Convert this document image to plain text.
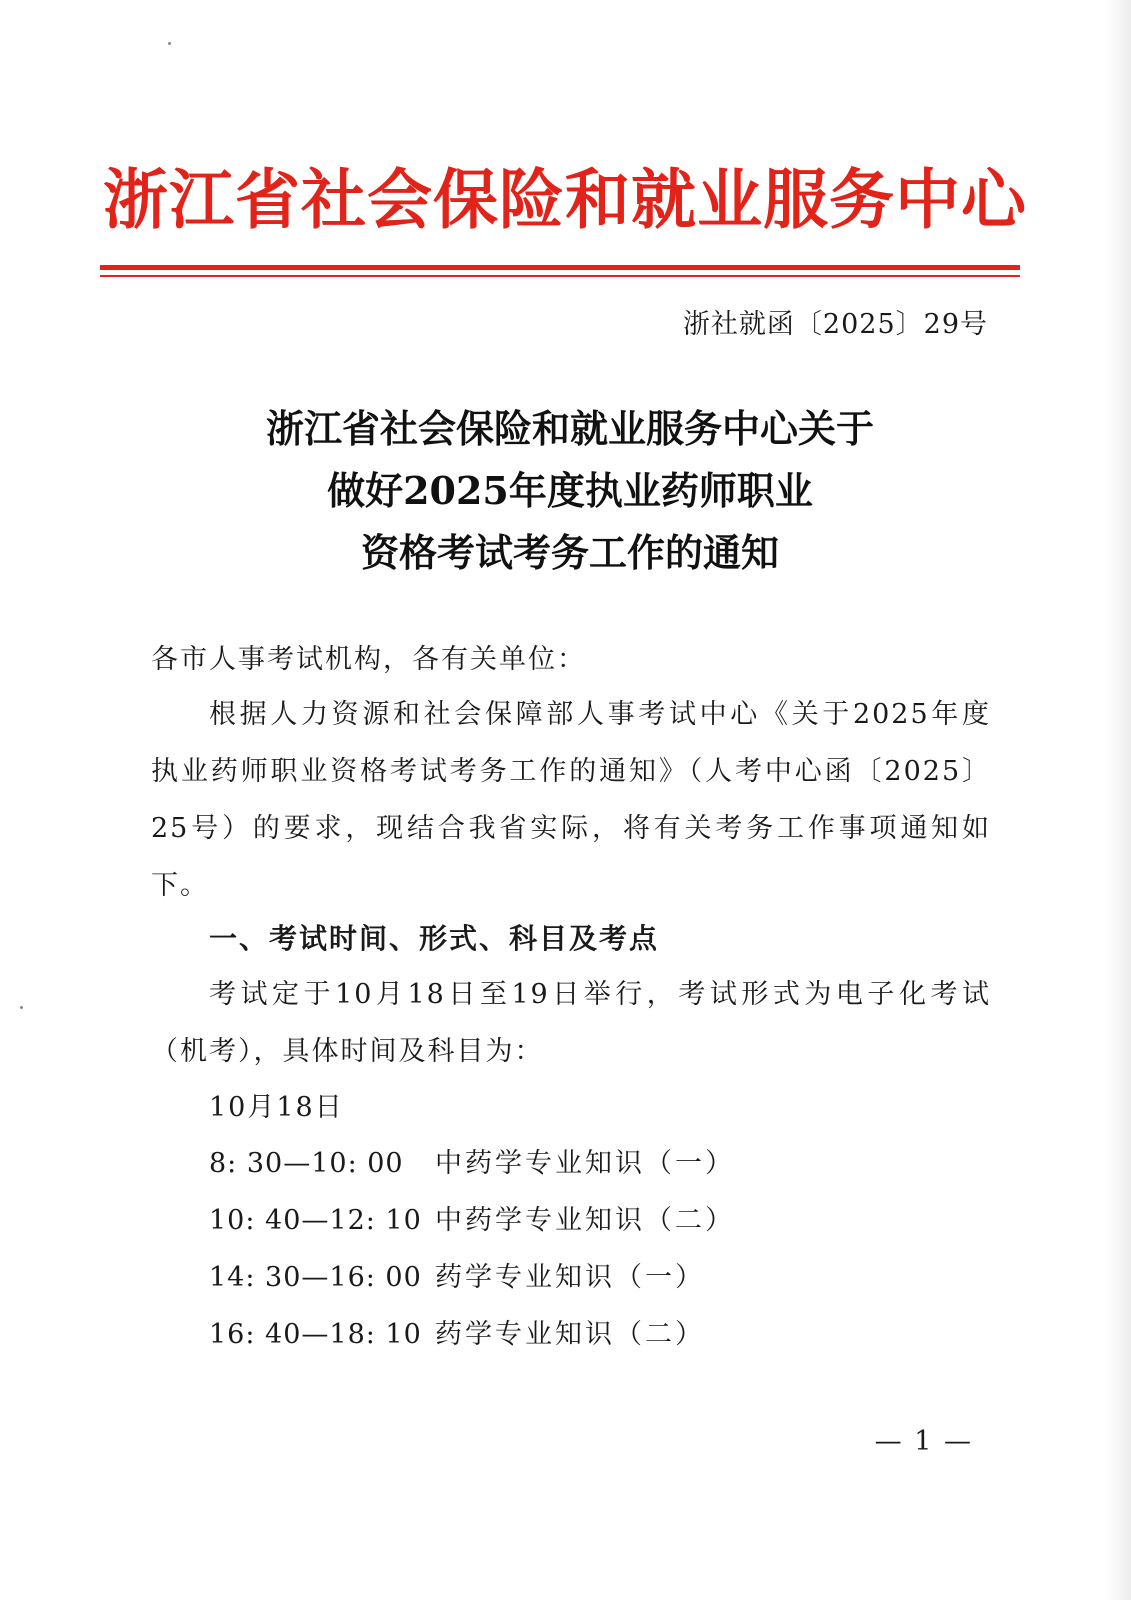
浙江省社会保险和就业服务中心
浙社就函〔2025〕29号
浙江省社会保险和就业服务中心关于
做好2025年度执业药师职业
资格考试考务工作的通知
各市人事考试机构，各有关单位：
根据人力资源和社会保障部人事考试中心《关于2025年度
执业药师职业资格考试考务工作的通知》（人考中心函〔2025〕
25号）的要求，现结合我省实际，将有关考务工作事项通知如
下。
一、考试时间、形式、科目及考点
考试定于10月18日至19日举行，考试形式为电子化考试
（机考），具体时间及科目为：
10月18日
8: 30—10: 00	中药学专业知识（一）
10: 40—12: 10 中药学专业知识（二）
14: 30—16: 00 药学专业知识（一）
16: 40—18: 10 药学专业知识（二）
— 1 —
